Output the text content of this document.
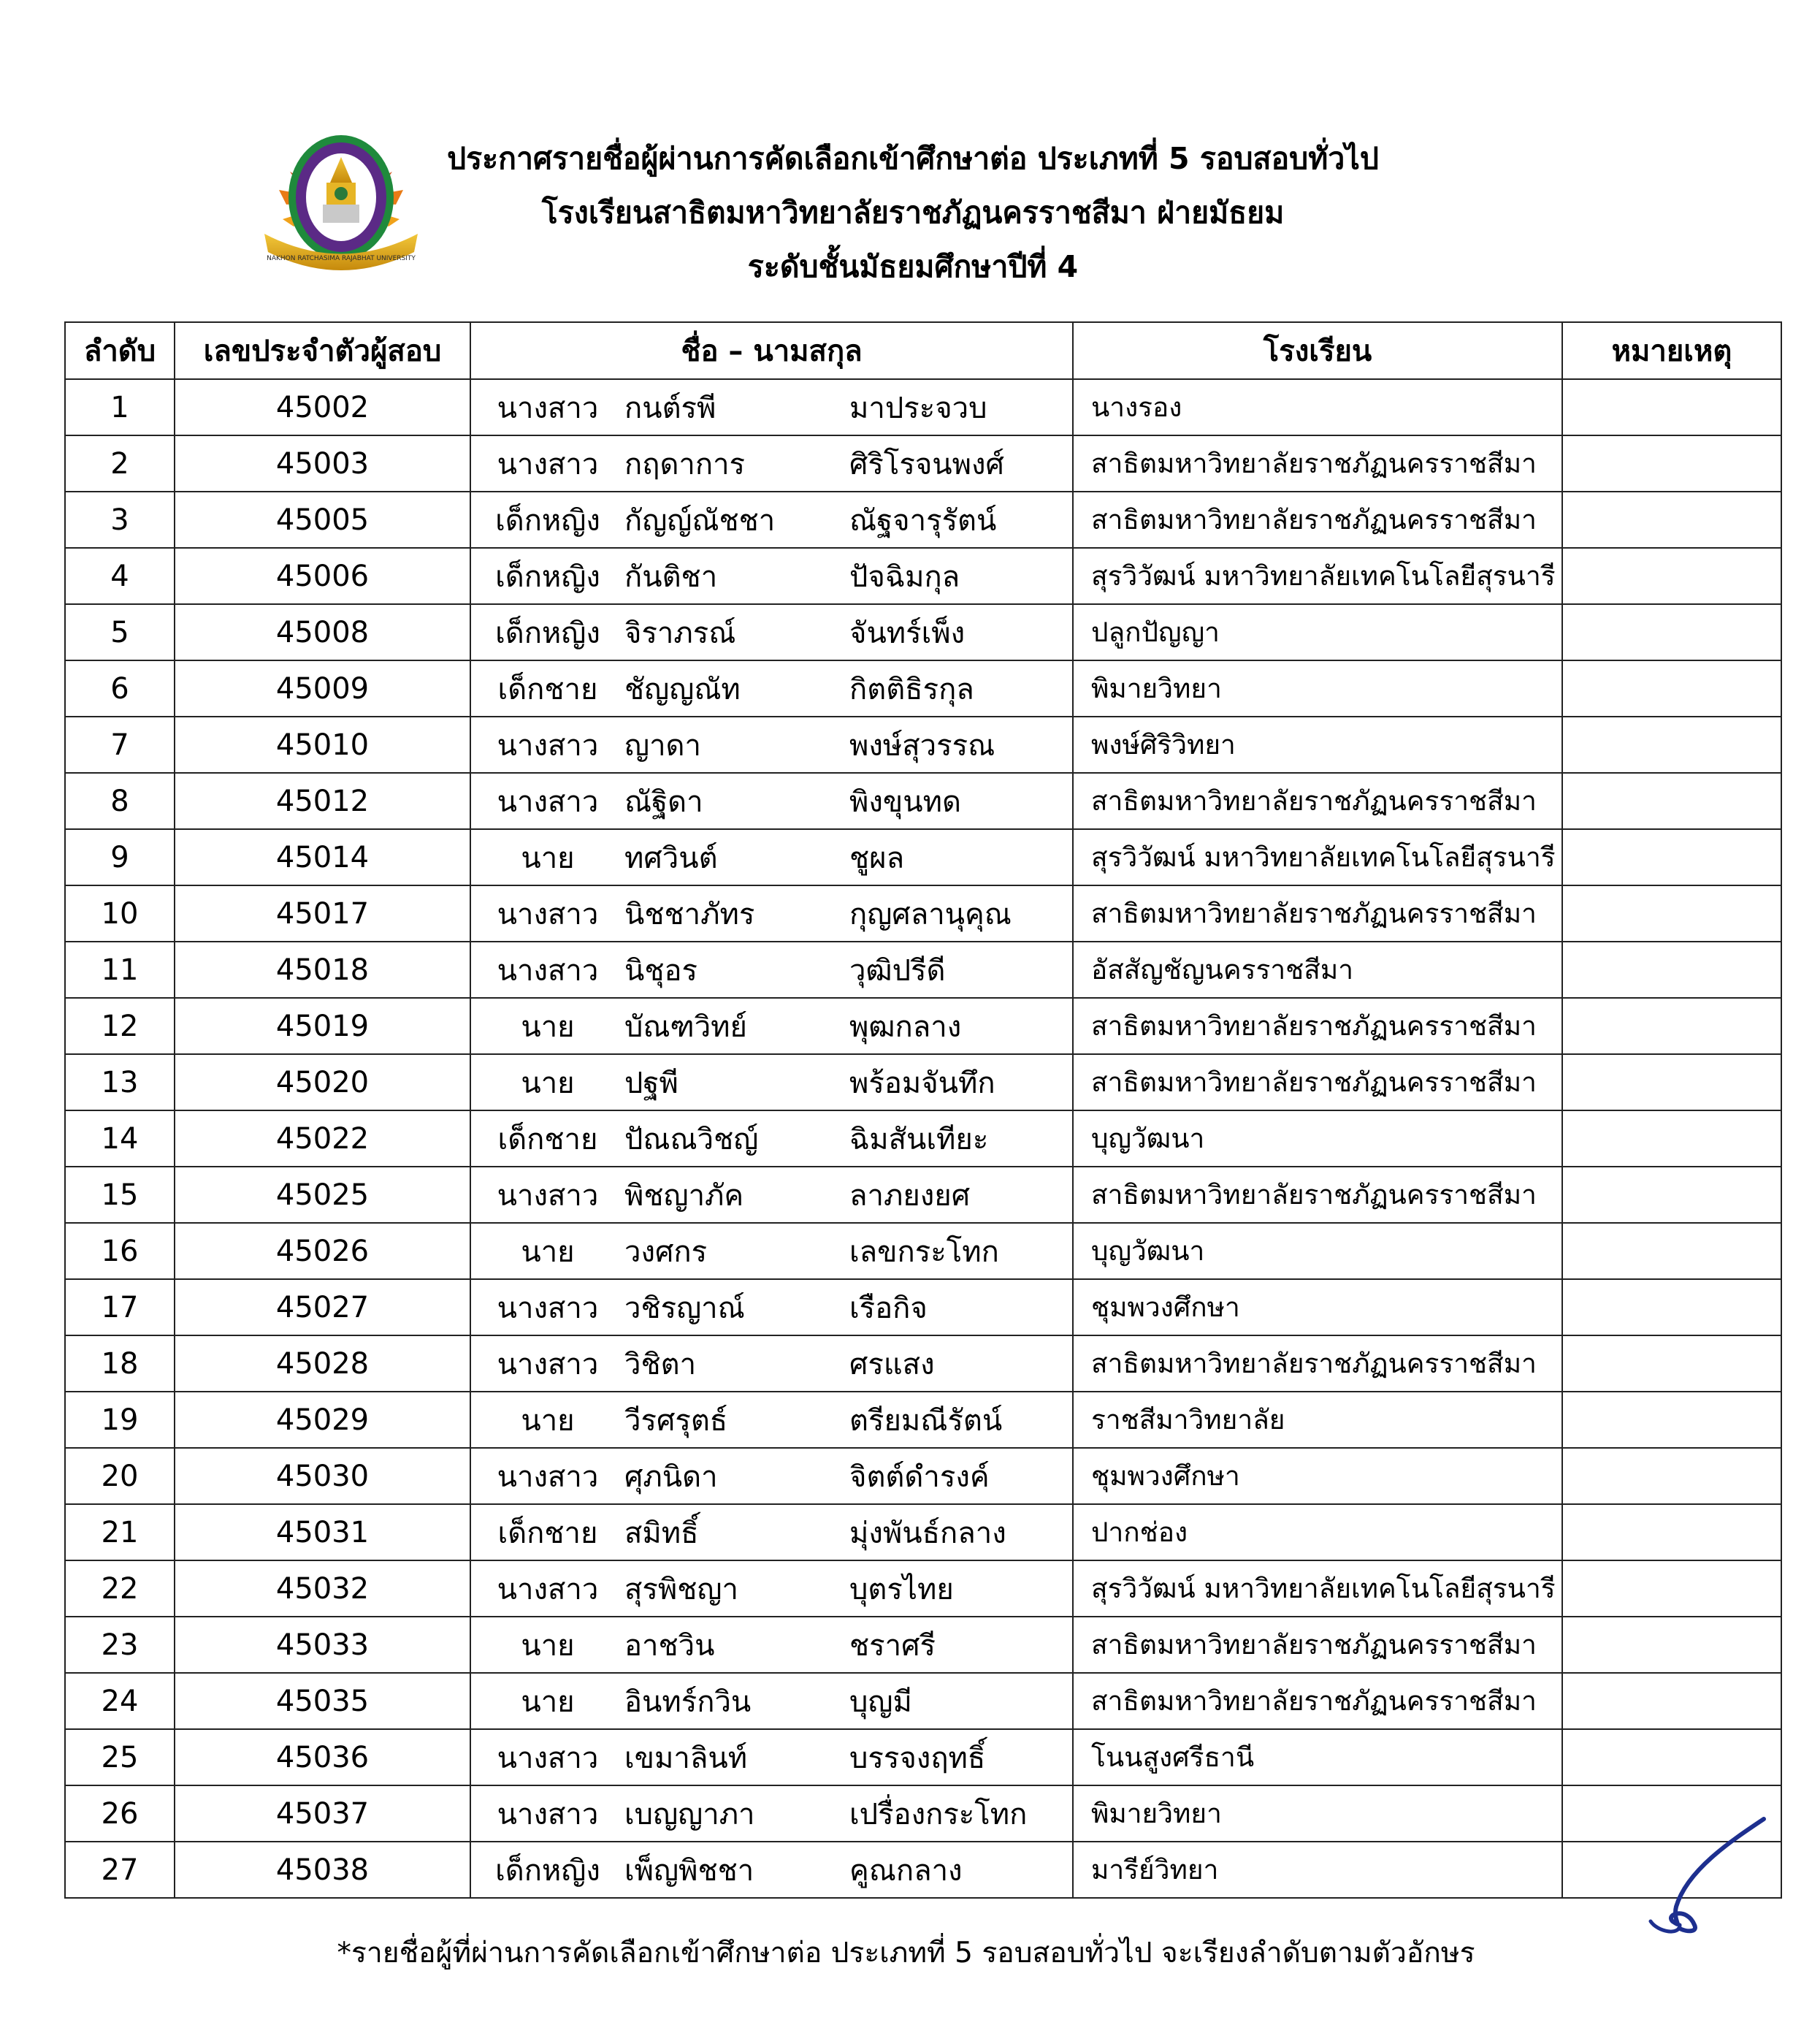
NAKHON RATCHASIMA RAJABHAT UNIVERSITY
ประกาศรายชื่อผู้ผ่านการคัดเลือกเข้าศึกษาต่อ ประเภทที่ 5 รอบสอบทั่วไป
โรงเรียนสาธิตมหาวิทยาลัยราชภัฏนครราชสีมา ฝ่ายมัธยม
ระดับชั้นมัธยมศึกษาปีที่ 4
ลำดับ	เลขประจำตัวผู้สอบ	ชื่อ – นามสกุล	โรงเรียน	หมายเหตุ
1	45002	นางสาว กนต์รพี มาประจวบ	นางรอง	
2	45003	นางสาว กฤดาการ ศิริโรจนพงศ์	สาธิตมหาวิทยาลัยราชภัฏนครราชสีมา	
3	45005	เด็กหญิง กัญญ์ณัชชา ณัฐจารุรัตน์	สาธิตมหาวิทยาลัยราชภัฏนครราชสีมา	
4	45006	เด็กหญิง กันติชา ปัจฉิมกุล	สุรวิวัฒน์ มหาวิทยาลัยเทคโนโลยีสุรนารี	
5	45008	เด็กหญิง จิราภรณ์ จันทร์เพ็ง	ปลูกปัญญา	
6	45009	เด็กชาย ชัญญณัท กิตติธิรกุล	พิมายวิทยา	
7	45010	นางสาว ญาดา พงษ์สุวรรณ	พงษ์ศิริวิทยา	
8	45012	นางสาว ณัฐิดา พิงขุนทด	สาธิตมหาวิทยาลัยราชภัฏนครราชสีมา	
9	45014	นาย ทศวินต์ ชูผล	สุรวิวัฒน์ มหาวิทยาลัยเทคโนโลยีสุรนารี	
10	45017	นางสาว นิชชาภัทร กุญศลานุคุณ	สาธิตมหาวิทยาลัยราชภัฏนครราชสีมา	
11	45018	นางสาว นิชุอร วุฒิปรีดี	อัสสัญชัญนครราชสีมา	
12	45019	นาย บัณฑวิทย์ พุฒกลาง	สาธิตมหาวิทยาลัยราชภัฏนครราชสีมา	
13	45020	นาย ปฐพี พร้อมจันทึก	สาธิตมหาวิทยาลัยราชภัฏนครราชสีมา	
14	45022	เด็กชาย ปัณณวิชญ์ ฉิมสันเทียะ	บุญวัฒนา	
15	45025	นางสาว พิชญาภัค ลาภยงยศ	สาธิตมหาวิทยาลัยราชภัฏนครราชสีมา	
16	45026	นาย วงศกร เลขกระโทก	บุญวัฒนา	
17	45027	นางสาว วชิรญาณ์ เรือกิจ	ชุมพวงศึกษา	
18	45028	นางสาว วิชิตา ศรแสง	สาธิตมหาวิทยาลัยราชภัฏนครราชสีมา	
19	45029	นาย วีรศรุตธ์ ตรียมณีรัตน์	ราชสีมาวิทยาลัย	
20	45030	นางสาว ศุภนิดา จิตต์ดำรงค์	ชุมพวงศึกษา	
21	45031	เด็กชาย สมิทธิ์ มุ่งพันธ์กลาง	ปากช่อง	
22	45032	นางสาว สุรพิชญา บุตรไทย	สุรวิวัฒน์ มหาวิทยาลัยเทคโนโลยีสุรนารี	
23	45033	นาย อาชวิน ชราศรี	สาธิตมหาวิทยาลัยราชภัฏนครราชสีมา	
24	45035	นาย อินทร์กวิน บุญมี	สาธิตมหาวิทยาลัยราชภัฏนครราชสีมา	
25	45036	นางสาว เขมาลินท์ บรรจงฤทธิ์	โนนสูงศรีธานี	
26	45037	นางสาว เบญญาภา เปรื่องกระโทก	พิมายวิทยา	
27	45038	เด็กหญิง เพ็ญพิชชา คูณกลาง	มารีย์วิทยา	
*รายชื่อผู้ที่ผ่านการคัดเลือกเข้าศึกษาต่อ ประเภทที่ 5 รอบสอบทั่วไป จะเรียงลำดับตามตัวอักษร
